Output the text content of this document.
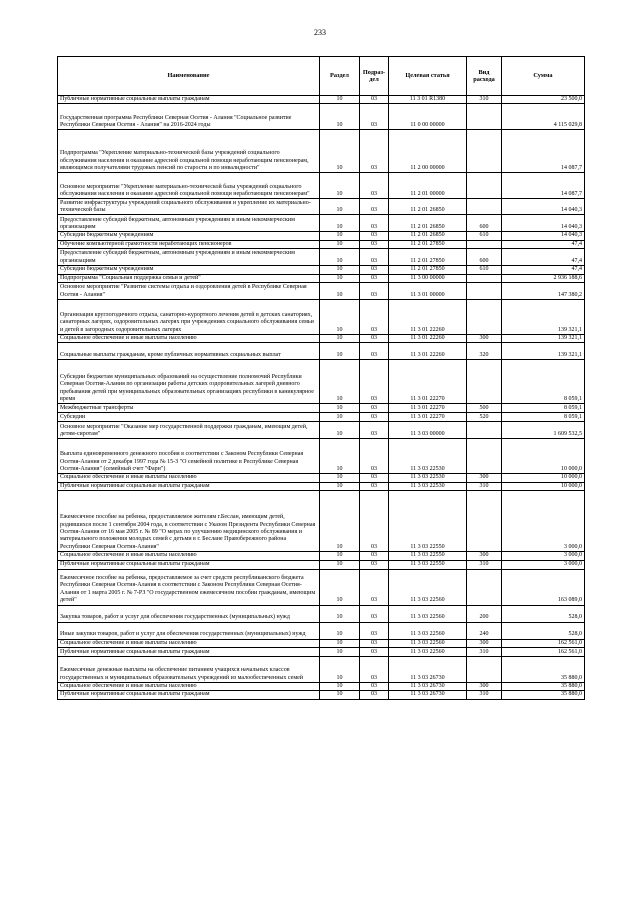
233
Наименование	Раздел	Подраз-дел	Целевая статья	Вид расхода	Сумма
Публичные нормативные социальные выплаты гражданам	10	03	11 3 01 R1380	310	23 500,0
Государственная программа Республики Северная Осетия - Алания "Социальное развитие Республики Северная Осетия - Алания" на 2016-2024 годы	10	03	11 0 00 00000		4 115 029,8
Подпрограмма "Укрепление материально-технической базы учреждений социального обслуживания населения и оказание адресной социальной помощи неработающим пенсионерам, являющимся получателями трудовых пенсий по старости и по инвалидности"	10	03	11 2 00 00000		14 087,7
Основное мероприятие "Укрепление материально-технической базы учреждений социального обслуживания населения и оказание адресной социальной помощи неработающим пенсионерам"	10	03	11 2 01 00000		14 087,7
Развитие инфраструктуры учреждений социального обслуживания и укрепление их материально-технической базы	10	03	11 2 01 26850		14 040,3
Предоставление субсидий бюджетным, автономным учреждениям и иным некоммерческим организациям	10	03	11 2 01 26850	600	14 040,3
Субсидии бюджетным учреждениям	10	03	11 2 01 26850	610	14 040,3
Обучение компьютерной грамотности неработающих пенсионеров	10	03	11 2 01 27850		47,4
Предоставление субсидий бюджетным, автономным учреждениям и иным некоммерческим организациям	10	03	11 2 01 27850	600	47,4
Субсидии бюджетным учреждениям	10	03	11 2 01 27850	610	47,4
Подпрограмма "Социальная поддержка семьи и детей"	10	03	11 3 00 00000		2 936 188,6
Основное мероприятие "Развитие системы отдыха и оздоровления детей в Республике Северная Осетия - Алания"	10	03	11 3 01 00000		147 380,2
Организация круглогодичного отдыха, санаторно-курортного лечения детей в детских санаториях, санаторных лагерях, оздоровительных лагерях при учреждениях социального обслуживания семьи и детей в загородных оздоровительных лагерях	10	03	11 3 01 22260		139 321,1
Социальное обеспечение и иные выплаты населению	10	03	11 3 01 22260	300	139 321,1
Социальные выплаты гражданам, кроме публичных нормативных социальных выплат	10	03	11 3 01 22260	320	139 321,1
Субсидии бюджетам муниципальных образований на осуществление полномочий Республики Северная Осетия-Алания по организации работы детских оздоровительных лагерей дневного пребывания детей при муниципальных образовательных организациях республики в каникулярное время	10	03	11 3 01 22270		8 059,1
Межбюджетные трансферты	10	03	11 3 01 22270	500	8 059,1
Субсидии	10	03	11 3 01 22270	520	8 059,1
Основное мероприятие "Оказание мер государственной поддержки гражданам, имеющим детей, детям-сиротам"	10	03	11 3 03 00000		1 609 532,5
Выплата единовременного денежного пособия в соответствии с Законом Республики Северная Осетия-Алания от 2 декабря 1997 года № 15-З "О семейной политике в Республике Северная Осетия-Алания" (семейный счет "Фарн")	10	03	11 3 03 22530		10 000,0
Социальное обеспечение и иные выплаты населению	10	03	11 3 03 22530	300	10 000,0
Публичные нормативные социальные выплаты гражданам	10	03	11 3 03 22530	310	10 000,0
Ежемесячное пособие на ребенка, предоставляемое жителям г.Беслан, имеющим детей, родившихся после 1 сентября 2004 года, в соответствии с Указом Президента Республики Северная Осетия-Алания от 16 мая 2005 г. № 89 "О мерах по улучшению медицинского обслуживания и материального положения молодых семей с детьми в г. Беслане Правобережного района Республики Северная Осетия-Алания"	10	03	11 3 03 22550		3 000,0
Социальное обеспечение и иные выплаты населению	10	03	11 3 03 22550	300	3 000,0
Публичные нормативные социальные выплаты гражданам	10	03	11 3 03 22550	310	3 000,0
Ежемесячное пособие на ребенка, предоставляемое за счет средств республиканского бюджета Республики Северная Осетия-Алания в соответствии с Законом Республики Северная Осетия-Алания от 1 марта 2005 г. № 7-РЗ "О государственном ежемесячном пособии гражданам, имеющим детей"	10	03	11 3 03 22560		163 089,0
Закупка товаров, работ и услуг для обеспечения государственных (муниципальных) нужд	10	03	11 3 03 22560	200	528,0
Иные закупки товаров, работ и услуг для обеспечения государственных (муниципальных) нужд	10	03	11 3 03 22560	240	528,0
Социальное обеспечение и иные выплаты населению	10	03	11 3 03 22560	300	162 561,0
Публичные нормативные социальные выплаты гражданам	10	03	11 3 03 22560	310	162 561,0
Ежемесячные денежные выплаты на обеспечение питанием учащихся начальных классов государственных и муниципальных образовательных учреждений из малообеспеченных семей	10	03	11 3 03 26730		35 880,0
Социальное обеспечение и иные выплаты населению	10	03	11 3 03 26730	300	35 880,0
Публичные нормативные социальные выплаты гражданам	10	03	11 3 03 26730	310	35 880,0
